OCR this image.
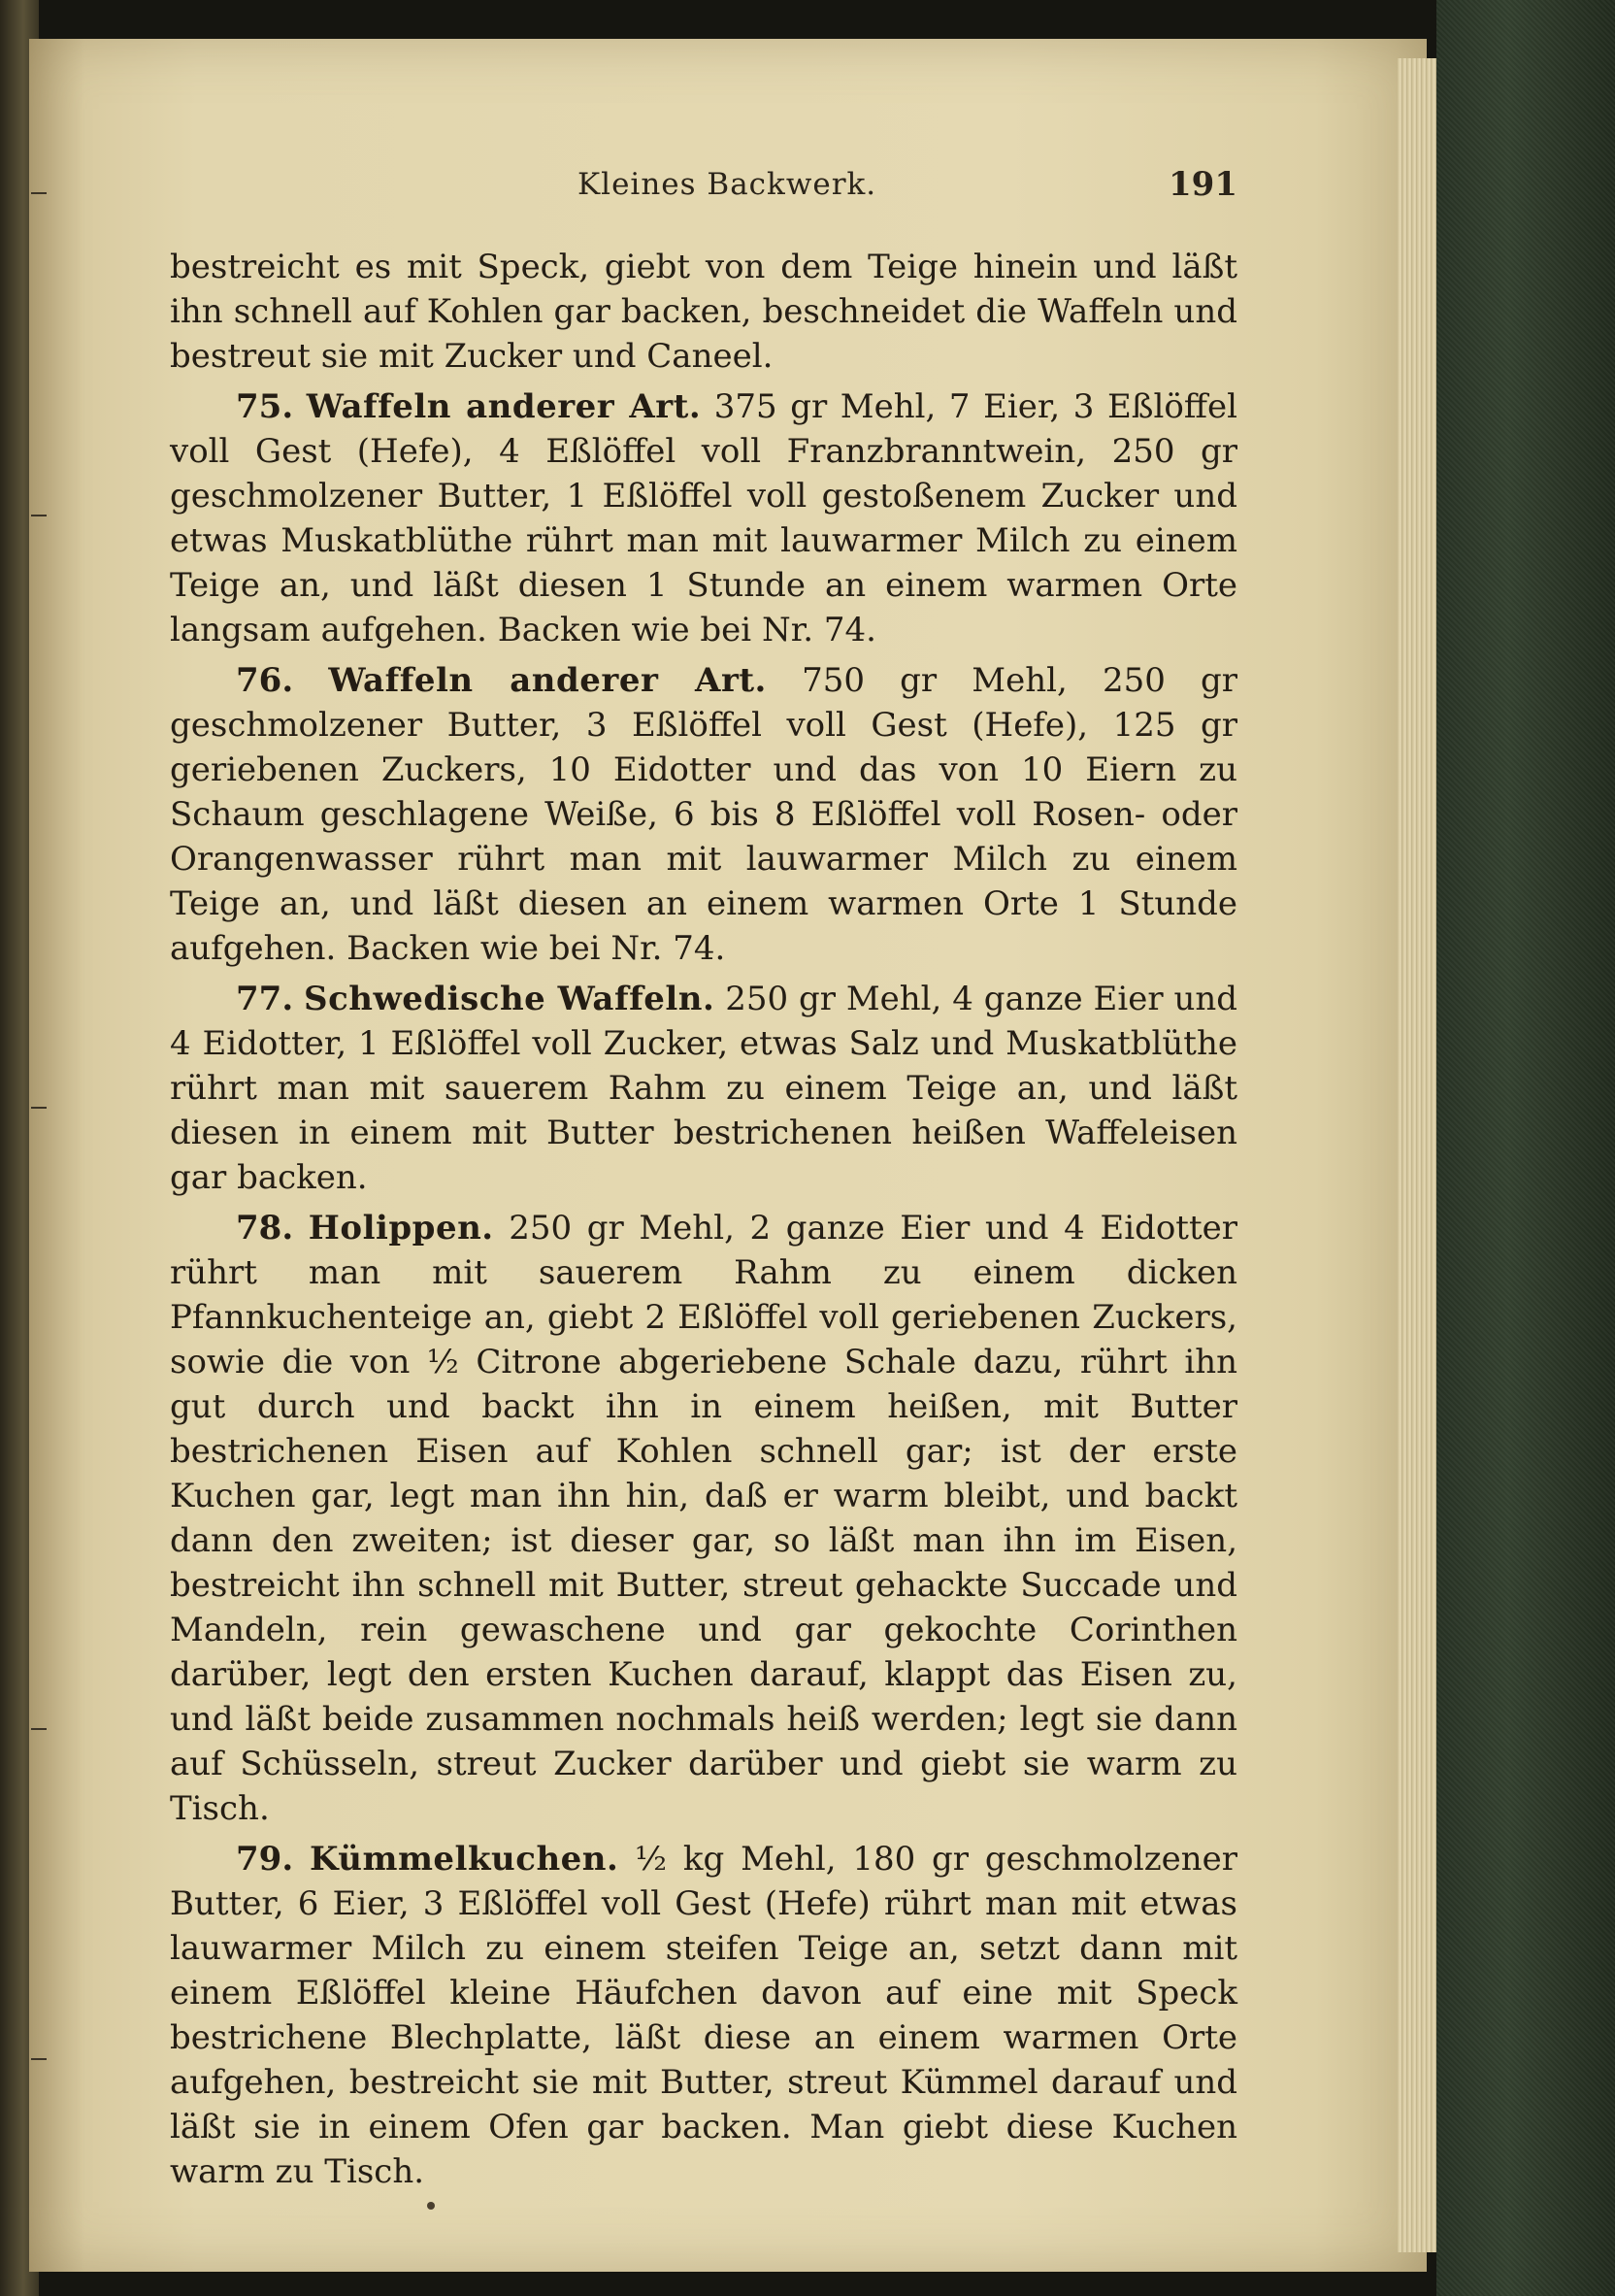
Kleines Backwerk.	191

bestreicht es mit Speck, giebt von dem Teige hinein und läßt ihn schnell auf Kohlen gar backen, beschneidet die Waffeln und bestreut sie mit Zucker und Caneel.

75. Waffeln anderer Art. 375 gr Mehl, 7 Eier, 3 Eßlöffel voll Gest (Hefe), 4 Eßlöffel voll Franzbranntwein, 250 gr geschmolzener Butter, 1 Eßlöffel voll gestoßenem Zucker und etwas Muskatblüthe rührt man mit lauwarmer Milch zu einem Teige an, und läßt diesen 1 Stunde an einem warmen Orte langsam aufgehen. Backen wie bei Nr. 74.

76. Waffeln anderer Art. 750 gr Mehl, 250 gr geschmolzener Butter, 3 Eßlöffel voll Gest (Hefe), 125 gr geriebenen Zuckers, 10 Eidotter und das von 10 Eiern zu Schaum geschlagene Weiße, 6 bis 8 Eßlöffel voll Rosen- oder Orangenwasser rührt man mit lauwarmer Milch zu einem Teige an, und läßt diesen an einem warmen Orte 1 Stunde aufgehen. Backen wie bei Nr. 74.

77. Schwedische Waffeln. 250 gr Mehl, 4 ganze Eier und 4 Eidotter, 1 Eßlöffel voll Zucker, etwas Salz und Muskatblüthe rührt man mit sauerem Rahm zu einem Teige an, und läßt diesen in einem mit Butter bestrichenen heißen Waffeleisen gar backen.

78. Holippen. 250 gr Mehl, 2 ganze Eier und 4 Eidotter rührt man mit sauerem Rahm zu einem dicken Pfannkuchenteige an, giebt 2 Eßlöffel voll geriebenen Zuckers, sowie die von ½ Citrone abgeriebene Schale dazu, rührt ihn gut durch und backt ihn in einem heißen, mit Butter bestrichenen Eisen auf Kohlen schnell gar; ist der erste Kuchen gar, legt man ihn hin, daß er warm bleibt, und backt dann den zweiten; ist dieser gar, so läßt man ihn im Eisen, bestreicht ihn schnell mit Butter, streut gehackte Succade und Mandeln, rein gewaschene und gar gekochte Corinthen darüber, legt den ersten Kuchen darauf, klappt das Eisen zu, und läßt beide zusammen nochmals heiß werden; legt sie dann auf Schüsseln, streut Zucker darüber und giebt sie warm zu Tisch.

79. Kümmelkuchen. ½ kg Mehl, 180 gr geschmolzener Butter, 6 Eier, 3 Eßlöffel voll Gest (Hefe) rührt man mit etwas lauwarmer Milch zu einem steifen Teige an, setzt dann mit einem Eßlöffel kleine Häufchen davon auf eine mit Speck bestrichene Blechplatte, läßt diese an einem warmen Orte aufgehen, bestreicht sie mit Butter, streut Kümmel darauf und läßt sie in einem Ofen gar backen. Man giebt diese Kuchen warm zu Tisch.
